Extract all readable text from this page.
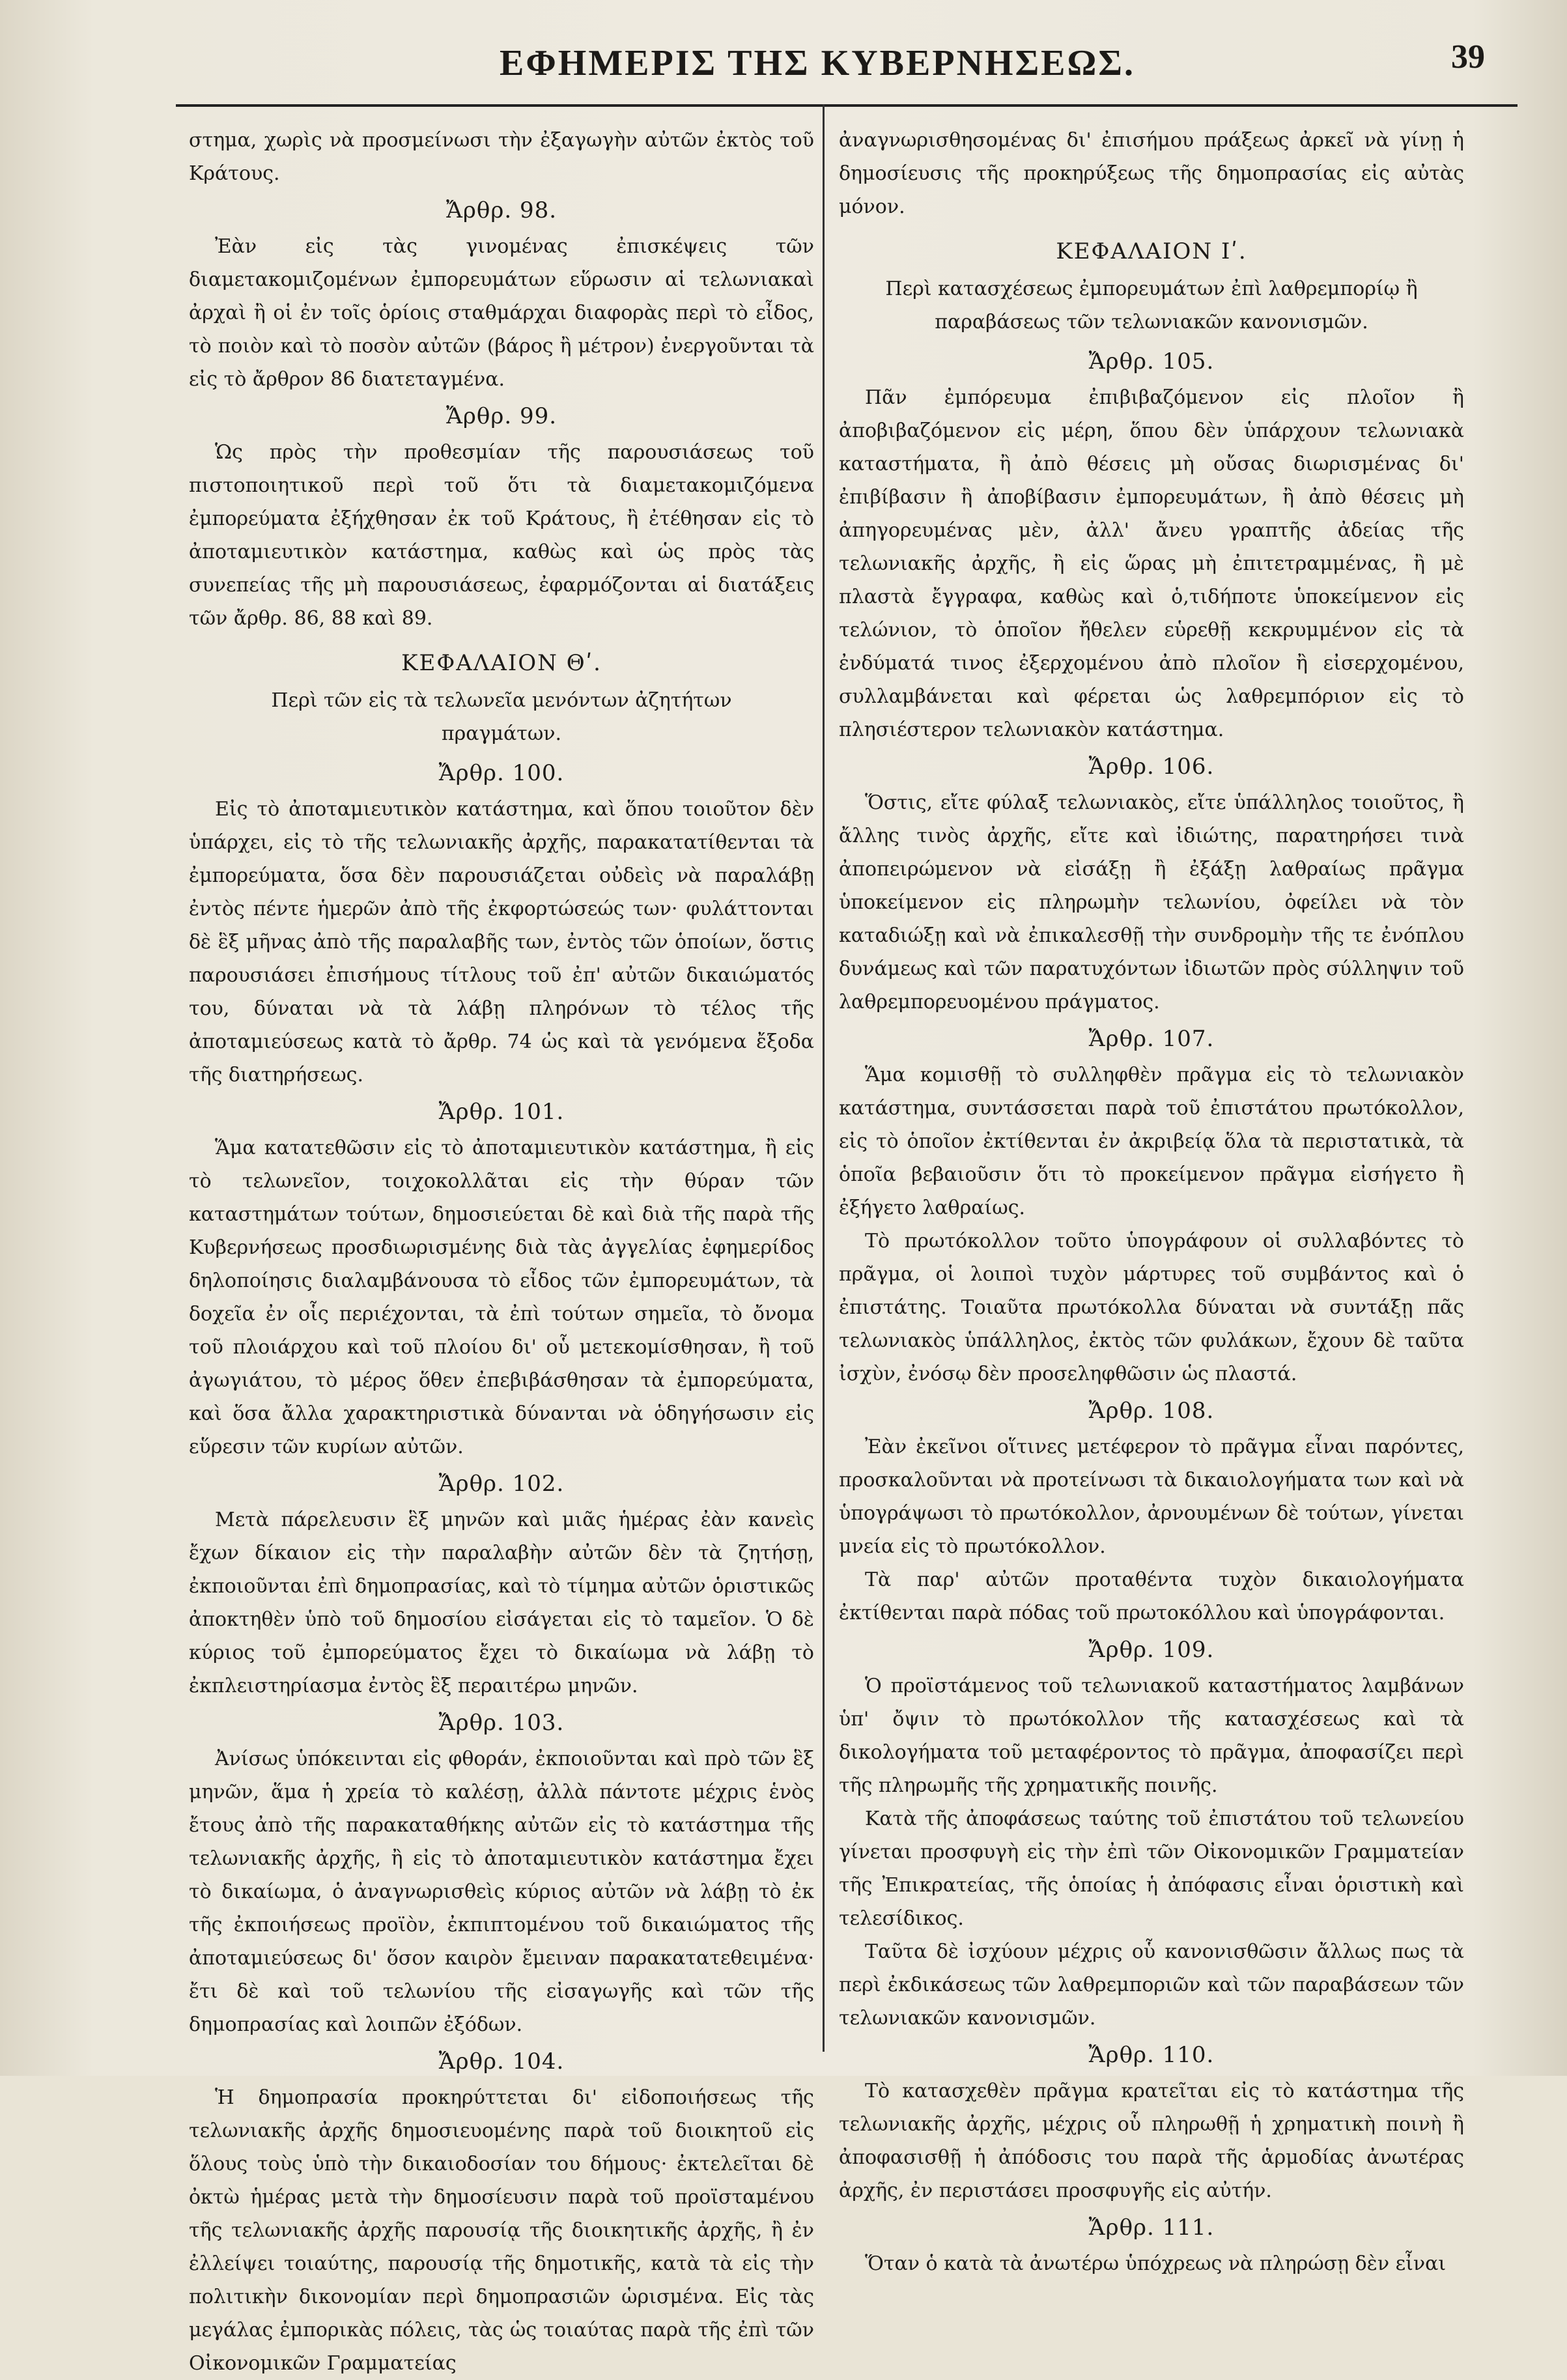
ΕΦΗΜΕΡΙΣ ΤΗΣ ΚΥΒΕΡΝΗΣΕΩΣ.	39

στημα, χωρὶς νὰ προσμείνωσι τὴν ἐξαγωγὴν αὐτῶν ἐκτὸς τοῦ Κράτους.

Ἄρθρ. 98.

Ἐὰν εἰς τὰς γινομένας ἐπισκέψεις τῶν διαμετακομιζομένων ἐμπορευμάτων εὕρωσιν αἱ τελωνιακαὶ ἀρχαὶ ἢ οἱ ἐν τοῖς ὁρίοις σταθμάρχαι διαφορὰς περὶ τὸ εἶδος, τὸ ποιὸν καὶ τὸ ποσὸν αὐτῶν (βάρος ἢ μέτρον) ἐνεργοῦνται τὰ εἰς τὸ ἄρθρον 86 διατεταγμένα.

Ἄρθρ. 99.

Ὡς πρὸς τὴν προθεσμίαν τῆς παρουσιάσεως τοῦ πιστοποιητικοῦ περὶ τοῦ ὅτι τὰ διαμετακομιζόμενα ἐμπορεύματα ἐξήχθησαν ἐκ τοῦ Κράτους, ἢ ἐτέθησαν εἰς τὸ ἀποταμιευτικὸν κατάστημα, καθὼς καὶ ὡς πρὸς τὰς συνεπείας τῆς μὴ παρουσιάσεως, ἐφαρμόζονται αἱ διατάξεις τῶν ἄρθρ. 86, 88 καὶ 89.

ΚΕΦΑΛΑΙΟΝ Θʹ.
Περὶ τῶν εἰς τὰ τελωνεῖα μενόντων ἀζητήτων πραγμάτων.
Ἄρθρ. 100.

Εἰς τὸ ἀποταμιευτικὸν κατάστημα, καὶ ὅπου τοιοῦτον δὲν ὑπάρχει, εἰς τὸ τῆς τελωνιακῆς ἀρχῆς, παρακατατίθενται τὰ ἐμπορεύματα, ὅσα δὲν παρουσιάζεται οὐδεὶς νὰ παραλάβῃ ἐντὸς πέντε ἡμερῶν ἀπὸ τῆς ἐκφορτώσεώς των· φυλάττονται δὲ ἓξ μῆνας ἀπὸ τῆς παραλαβῆς των, ἐντὸς τῶν ὁποίων, ὅστις παρουσιάσει ἐπισήμους τίτλους τοῦ ἐπ' αὐτῶν δικαιώματός του, δύναται νὰ τὰ λάβῃ πληρόνων τὸ τέλος τῆς ἀποταμιεύσεως κατὰ τὸ ἄρθρ. 74 ὡς καὶ τὰ γενόμενα ἔξοδα τῆς διατηρήσεως.

Ἄρθρ. 101.

Ἅμα κατατεθῶσιν εἰς τὸ ἀποταμιευτικὸν κατάστημα, ἢ εἰς τὸ τελωνεῖον, τοιχοκολλᾶται εἰς τὴν θύραν τῶν καταστημάτων τούτων, δημοσιεύεται δὲ καὶ διὰ τῆς παρὰ τῆς Κυβερνήσεως προσδιωρισμένης διὰ τὰς ἀγγελίας ἐφημερίδος δηλοποίησις διαλαμβάνουσα τὸ εἶδος τῶν ἐμπορευμάτων, τὰ δοχεῖα ἐν οἷς περιέχονται, τὰ ἐπὶ τούτων σημεῖα, τὸ ὄνομα τοῦ πλοιάρχου καὶ τοῦ πλοίου δι' οὗ μετεκομίσθησαν, ἢ τοῦ ἀγωγιάτου, τὸ μέρος ὅθεν ἐπεβιβάσθησαν τὰ ἐμπορεύματα, καὶ ὅσα ἄλλα χαρακτηριστικὰ δύνανται νὰ ὁδηγήσωσιν εἰς εὕρεσιν τῶν κυρίων αὐτῶν.

Ἄρθρ. 102.

Μετὰ πάρελευσιν ἓξ μηνῶν καὶ μιᾶς ἡμέρας ἐὰν κανεὶς ἔχων δίκαιον εἰς τὴν παραλαβὴν αὐτῶν δὲν τὰ ζητήσῃ, ἐκποιοῦνται ἐπὶ δημοπρασίας, καὶ τὸ τίμημα αὐτῶν ὁριστικῶς ἀποκτηθὲν ὑπὸ τοῦ δημοσίου εἰσάγεται εἰς τὸ ταμεῖον. Ὁ δὲ κύριος τοῦ ἐμπορεύματος ἔχει τὸ δικαίωμα νὰ λάβῃ τὸ ἐκπλειστηρίασμα ἐντὸς ἓξ περαιτέρω μηνῶν.

Ἄρθρ. 103.

Ἀνίσως ὑπόκεινται εἰς φθοράν, ἐκποιοῦνται καὶ πρὸ τῶν ἓξ μηνῶν, ἅμα ἡ χρεία τὸ καλέσῃ, ἀλλὰ πάντοτε μέχρις ἑνὸς ἔτους ἀπὸ τῆς παρακαταθήκης αὐτῶν εἰς τὸ κατάστημα τῆς τελωνιακῆς ἀρχῆς, ἢ εἰς τὸ ἀποταμιευτικὸν κατάστημα ἔχει τὸ δικαίωμα, ὁ ἀναγνωρισθεὶς κύριος αὐτῶν νὰ λάβῃ τὸ ἐκ τῆς ἐκποιήσεως προϊὸν, ἐκπιπτομένου τοῦ δικαιώματος τῆς ἀποταμιεύσεως δι' ὅσον καιρὸν ἔμειναν παρακατατεθειμένα· ἔτι δὲ καὶ τοῦ τελωνίου τῆς εἰσαγωγῆς καὶ τῶν τῆς δημοπρασίας καὶ λοιπῶν ἐξόδων.

Ἄρθρ. 104.

Ἡ δημοπρασία προκηρύττεται δι' εἰδοποιήσεως τῆς τελωνιακῆς ἀρχῆς δημοσιευομένης παρὰ τοῦ διοικητοῦ εἰς ὅλους τοὺς ὑπὸ τὴν δικαιοδοσίαν του δήμους· ἐκτελεῖται δὲ ὀκτὼ ἡμέρας μετὰ τὴν δημοσίευσιν παρὰ τοῦ προϊσταμένου τῆς τελωνιακῆς ἀρχῆς παρουσίᾳ τῆς διοικητικῆς ἀρχῆς, ἢ ἐν ἐλλείψει τοιαύτης, παρουσίᾳ τῆς δημοτικῆς, κατὰ τὰ εἰς τὴν πολιτικὴν δικονομίαν περὶ δημοπρασιῶν ὡρισμένα. Εἰς τὰς μεγάλας ἐμπορικὰς πόλεις, τὰς ὡς τοιαύτας παρὰ τῆς ἐπὶ τῶν Οἰκονομικῶν Γραμματείας

ἀναγνωρισθησομένας δι' ἐπισήμου πράξεως ἀρκεῖ νὰ γίνῃ ἡ δημοσίευσις τῆς προκηρύξεως τῆς δημοπρασίας εἰς αὐτὰς μόνον.

ΚΕΦΑΛΑΙΟΝ Ιʹ.
Περὶ κατασχέσεως ἐμπορευμάτων ἐπὶ λαθρεμπορίῳ ἢ παραβάσεως τῶν τελωνιακῶν κανονισμῶν.
Ἄρθρ. 105.

Πᾶν ἐμπόρευμα ἐπιβιβαζόμενον εἰς πλοῖον ἢ ἀποβιβαζόμενον εἰς μέρη, ὅπου δὲν ὑπάρχουν τελωνιακὰ καταστήματα, ἢ ἀπὸ θέσεις μὴ οὔσας διωρισμένας δι' ἐπιβίβασιν ἢ ἀποβίβασιν ἐμπορευμάτων, ἢ ἀπὸ θέσεις μὴ ἀπηγορευμένας μὲν, ἀλλ' ἄνευ γραπτῆς ἀδείας τῆς τελωνιακῆς ἀρχῆς, ἢ εἰς ὥρας μὴ ἐπιτετραμμένας, ἢ μὲ πλαστὰ ἔγγραφα, καθὼς καὶ ὁ,τιδήποτε ὑποκείμενον εἰς τελώνιον, τὸ ὁποῖον ἤθελεν εὑρεθῇ κεκρυμμένον εἰς τὰ ἐνδύματά τινος ἐξερχομένου ἀπὸ πλοῖον ἢ εἰσερχομένου, συλλαμβάνεται καὶ φέρεται ὡς λαθρεμπόριον εἰς τὸ πλησιέστερον τελωνιακὸν κατάστημα.

Ἄρθρ. 106.

Ὅστις, εἴτε φύλαξ τελωνιακὸς, εἴτε ὑπάλληλος τοιοῦτος, ἢ ἄλλης τινὸς ἀρχῆς, εἴτε καὶ ἰδιώτης, παρατηρήσει τινὰ ἀποπειρώμενον νὰ εἰσάξῃ ἢ ἐξάξῃ λαθραίως πρᾶγμα ὑποκείμενον εἰς πληρωμὴν τελωνίου, ὀφείλει νὰ τὸν καταδιώξῃ καὶ νὰ ἐπικαλεσθῇ τὴν συνδρομὴν τῆς τε ἐνόπλου δυνάμεως καὶ τῶν παρατυχόντων ἰδιωτῶν πρὸς σύλληψιν τοῦ λαθρεμπορευομένου πράγματος.

Ἄρθρ. 107.

Ἅμα κομισθῇ τὸ συλληφθὲν πρᾶγμα εἰς τὸ τελωνιακὸν κατάστημα, συντάσσεται παρὰ τοῦ ἐπιστάτου πρωτόκολλον, εἰς τὸ ὁποῖον ἐκτίθενται ἐν ἀκριβείᾳ ὅλα τὰ περιστατικὰ, τὰ ὁποῖα βεβαιοῦσιν ὅτι τὸ προκείμενον πρᾶγμα εἰσήγετο ἢ ἐξήγετο λαθραίως.

Τὸ πρωτόκολλον τοῦτο ὑπογράφουν οἱ συλλαβόντες τὸ πρᾶγμα, οἱ λοιποὶ τυχὸν μάρτυρες τοῦ συμβάντος καὶ ὁ ἐπιστάτης. Τοιαῦτα πρωτόκολλα δύναται νὰ συντάξῃ πᾶς τελωνιακὸς ὑπάλληλος, ἐκτὸς τῶν φυλάκων, ἔχουν δὲ ταῦτα ἰσχὺν, ἐνόσῳ δὲν προσεληφθῶσιν ὡς πλαστά.

Ἄρθρ. 108.

Ἐὰν ἐκεῖνοι οἵτινες μετέφερον τὸ πρᾶγμα εἶναι παρόντες, προσκαλοῦνται νὰ προτείνωσι τὰ δικαιολογήματα των καὶ νὰ ὑπογράψωσι τὸ πρωτόκολλον, ἀρνουμένων δὲ τούτων, γίνεται μνεία εἰς τὸ πρωτόκολλον.

Τὰ παρ' αὐτῶν προταθέντα τυχὸν δικαιολογήματα ἐκτίθενται παρὰ πόδας τοῦ πρωτοκόλλου καὶ ὑπογράφονται.

Ἄρθρ. 109.

Ὁ προϊστάμενος τοῦ τελωνιακοῦ καταστήματος λαμβάνων ὑπ' ὄψιν τὸ πρωτόκολλον τῆς κατασχέσεως καὶ τὰ δικολογήματα τοῦ μεταφέροντος τὸ πρᾶγμα, ἀποφασίζει περὶ τῆς πληρωμῆς τῆς χρηματικῆς ποινῆς.

Κατὰ τῆς ἀποφάσεως ταύτης τοῦ ἐπιστάτου τοῦ τελωνείου γίνεται προσφυγὴ εἰς τὴν ἐπὶ τῶν Οἰκονομικῶν Γραμματείαν τῆς Ἐπικρατείας, τῆς ὁποίας ἡ ἀπόφασις εἶναι ὁριστικὴ καὶ τελεσίδικος.

Ταῦτα δὲ ἰσχύουν μέχρις οὗ κανονισθῶσιν ἄλλως πως τὰ περὶ ἐκδικάσεως τῶν λαθρεμποριῶν καὶ τῶν παραβάσεων τῶν τελωνιακῶν κανονισμῶν.

Ἄρθρ. 110.

Τὸ κατασχεθὲν πρᾶγμα κρατεῖται εἰς τὸ κατάστημα τῆς τελωνιακῆς ἀρχῆς, μέχρις οὗ πληρωθῇ ἡ χρηματικὴ ποινὴ ἢ ἀποφασισθῇ ἡ ἀπόδοσις του παρὰ τῆς ἁρμοδίας ἀνωτέρας ἀρχῆς, ἐν περιστάσει προσφυγῆς εἰς αὐτήν.

Ἄρθρ. 111.

Ὅταν ὁ κατὰ τὰ ἀνωτέρω ὑπόχρεως νὰ πληρώσῃ δὲν εἶναι
